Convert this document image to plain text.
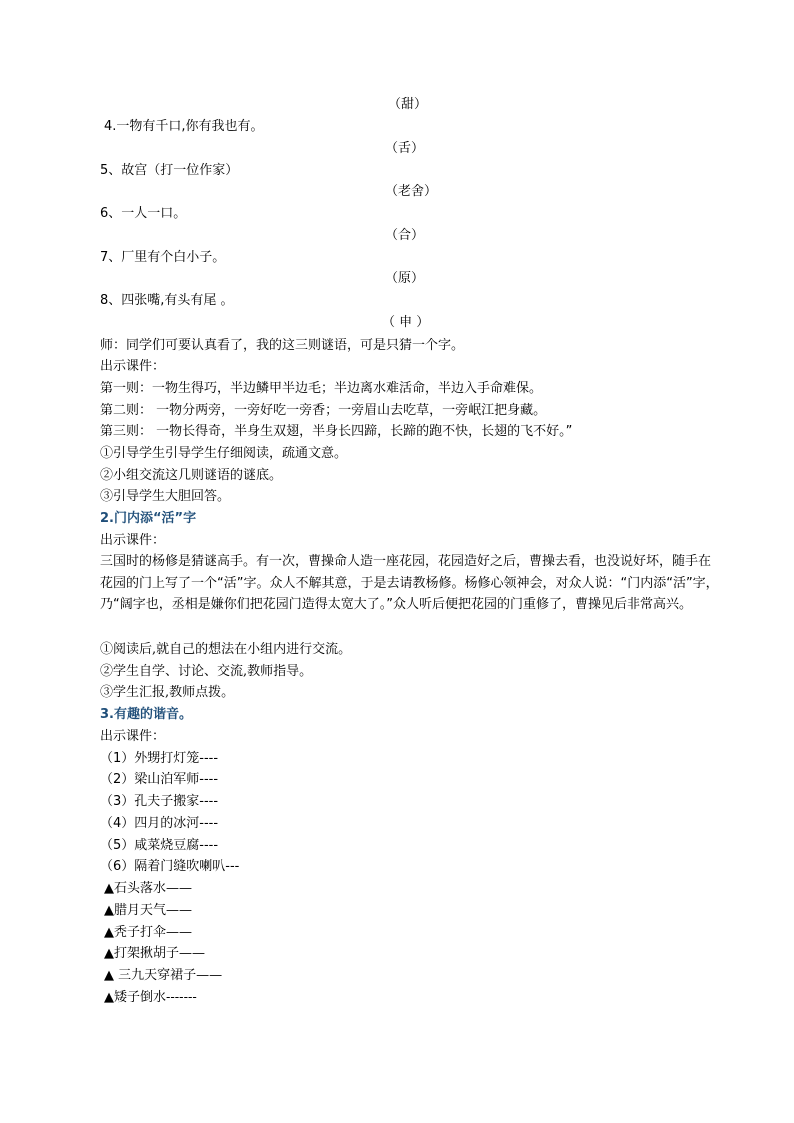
（甜）
4.一物有千口,你有我也有。
（舌）
5、故宫（打一位作家）
（老舍）
6、一人一口。
（合）
7、厂里有个白小子。
（原）
8、四张嘴,有头有尾 。
（ 申 ）
师：同学们可要认真看了，我的这三则谜语，可是只猜一个字。
出示课件：
第一则：一物生得巧，半边鳞甲半边毛；半边离水难活命，半边入手命难保。
第二则： 一物分两旁，一旁好吃一旁香；一旁眉山去吃草，一旁岷江把身藏。
第三则： 一物长得奇，半身生双翅，半身长四蹄，长蹄的跑不快，长翅的飞不好。”
①引导学生引导学生仔细阅读，疏通文意。
②小组交流这几则谜语的谜底。
③引导学生大胆回答。
2.门内添“活”字
出示课件：
三国时的杨修是猜谜高手。有一次，曹操命人造一座花园，花园造好之后，曹操去看，也没说好坏，随手在花园的门上写了一个“活”字。众人不解其意，于是去请教杨修。杨修心领神会，对众人说：“门内添“活”字，乃“阔字也，丞相是嫌你们把花园门造得太宽大了。”众人听后便把花园的门重修了，曹操见后非常高兴。
①阅读后,就自己的想法在小组内进行交流。
②学生自学、讨论、交流,教师指导。
③学生汇报,教师点拨。
3.有趣的谐音。
出示课件：
（1）外甥打灯笼----
（2）梁山泊军师----
（3）孔夫子搬家----
（4）四月的冰河----
（5）咸菜烧豆腐----
（6）隔着门缝吹喇叭---
▲石头落水——
▲腊月天气——
▲秃子打伞——
▲打架揪胡子——
▲ 三九天穿裙子——
▲矮子倒水-------
